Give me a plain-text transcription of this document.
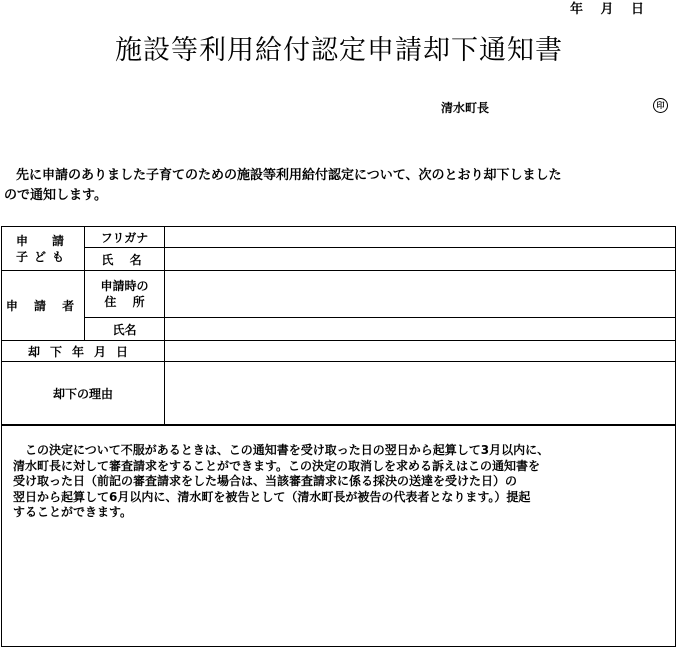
年　 月　 日
施設等利用給付認定申請却下通知書
清水町長	印
先に申請のありました子育てのための施設等利用給付認定について、次のとおり却下しました
ので通知します。
申　請
子ども	フリガナ	
	氏 名	
申 請 者	申請時の
住　 所	

	氏名	
却下年月日		
却下の理由		
　この決定について不服があるときは、この通知書を受け取った日の翌日から起算して3月以内に、
清水町長に対して審査請求をすることができます。この決定の取消しを求める訴えはこの通知書を
受け取った日（前記の審査請求をした場合は、当該審査請求に係る採決の送達を受けた日）の
翌日から起算して6月以内に、清水町を被告として（清水町長が被告の代表者となります。）提起
することができます。
